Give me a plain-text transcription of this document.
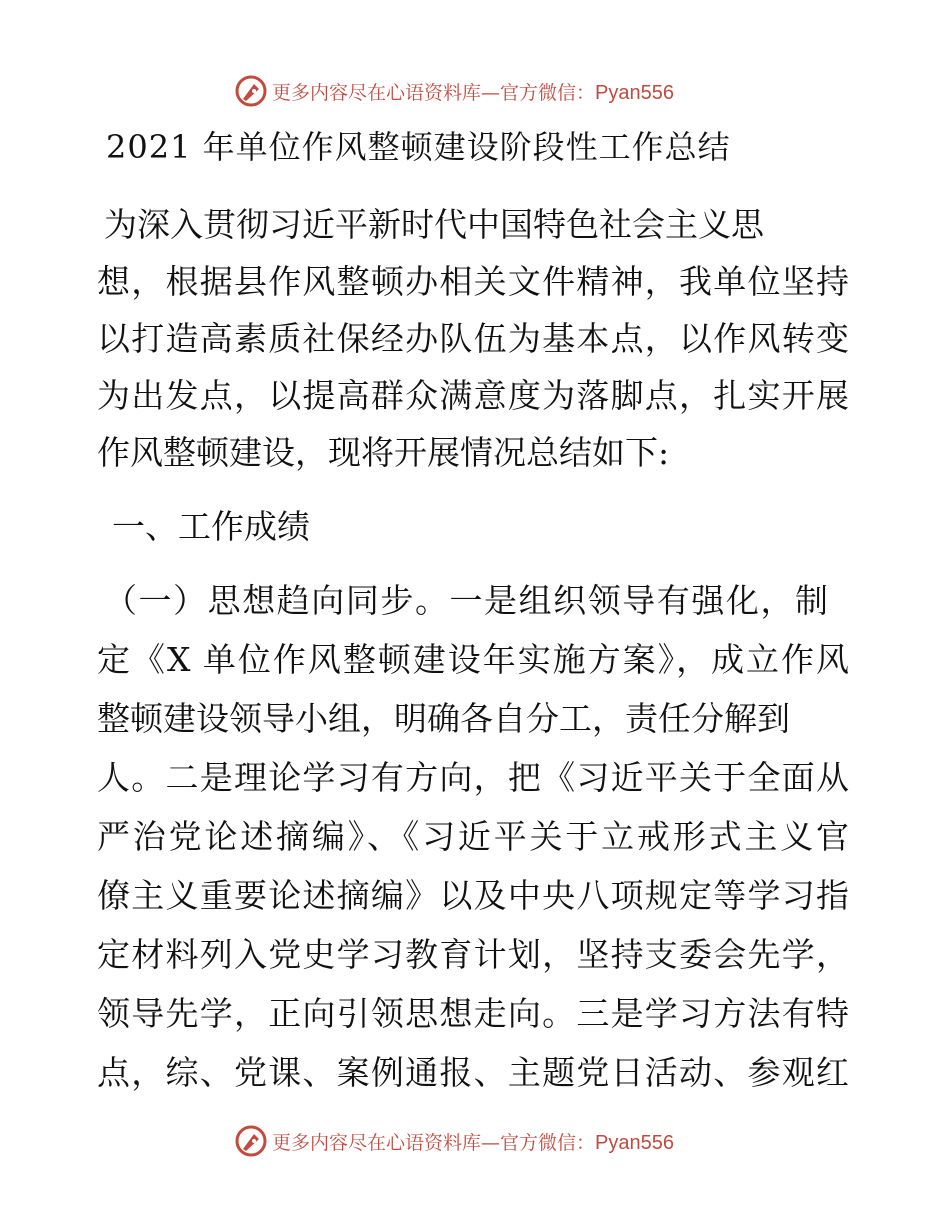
更多内容尽在心语资料库—官方微信：Pyan556
2021 年单位作风整顿建设阶段性工作总结
为深入贯彻习近平新时代中国特色社会主义思
想，根据县作风整顿办相关文件精神，我单位坚持
以打造高素质社保经办队伍为基本点，以作风转变
为出发点，以提高群众满意度为落脚点，扎实开展
作风整顿建设，现将开展情况总结如下:
一、工作成绩
（一）思想趋向同步。一是组织领导有强化，制
定《X 单位作风整顿建设年实施方案》，成立作风
整顿建设领导小组，明确各自分工，责任分解到
人。二是理论学习有方向，把《习近平关于全面从
严治党论述摘编》、《习近平关于立戒形式主义官
僚主义重要论述摘编》以及中央八项规定等学习指
定材料列入党史学习教育计划，坚持支委会先学，
领导先学，正向引领思想走向。三是学习方法有特
点，综、党课、案例通报、主题党日活动、参观红
更多内容尽在心语资料库—官方微信：Pyan556
